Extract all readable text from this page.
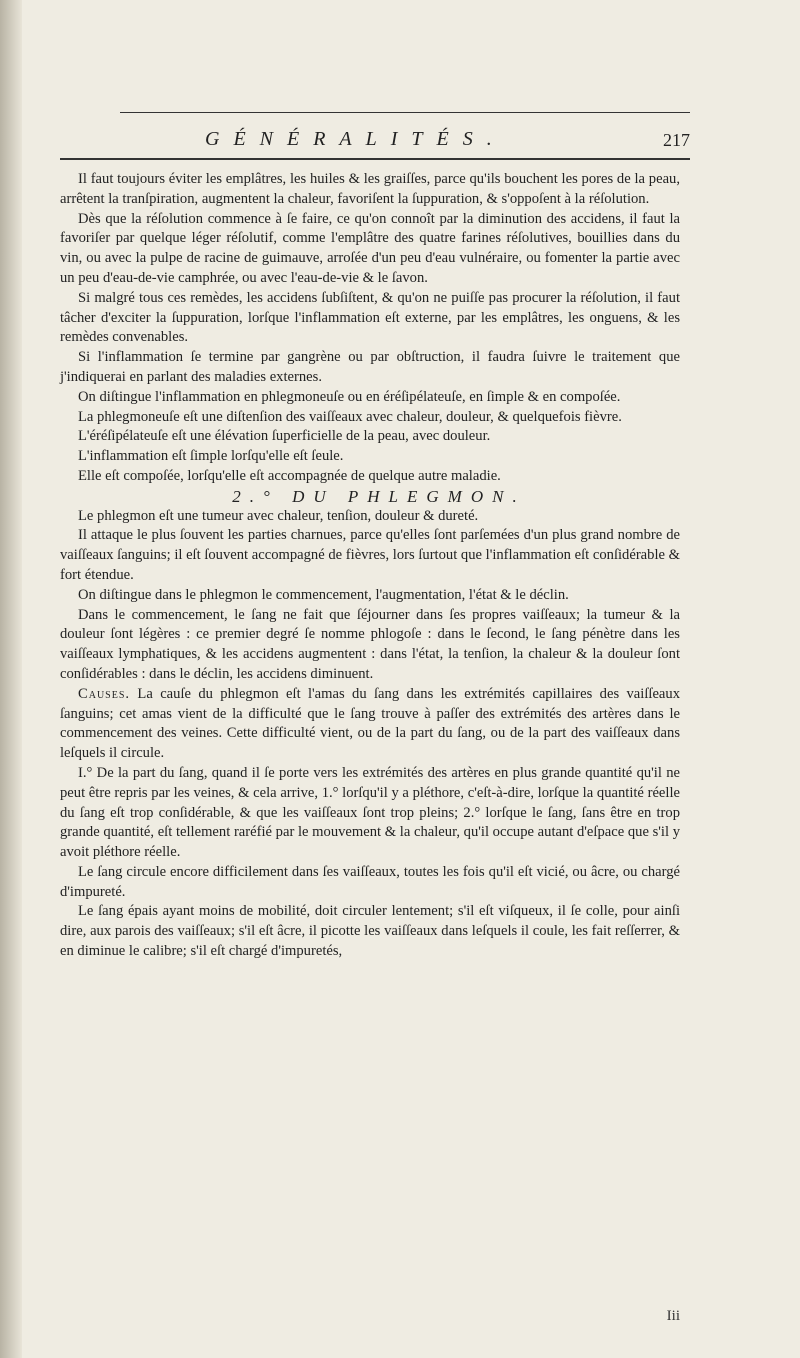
GÉNÉRALITÉS.	217

Il faut toujours éviter les emplâtres, les huiles & les graiſſes, parce qu'ils bouchent les pores de la peau, arrêtent la tranſpiration, augmentent la chaleur, favoriſent la ſuppuration, & s'oppoſent à la réſolution.

Dès que la réſolution commence à ſe faire, ce qu'on connoît par la diminution des accidens, il faut la favoriſer par quelque léger réſolutif, comme l'emplâtre des quatre farines réſolutives, bouillies dans du vin, ou avec la pulpe de racine de guimauve, arroſée d'un peu d'eau vulnéraire, ou fomenter la partie avec un peu d'eau-de-vie camphrée, ou avec l'eau-de-vie & le ſavon.

Si malgré tous ces remèdes, les accidens ſubſiſtent, & qu'on ne puiſſe pas procurer la réſolution, il faut tâcher d'exciter la ſuppuration, lorſque l'inflammation eſt externe, par les emplâtres, les onguens, & les remèdes convenables.

Si l'inflammation ſe termine par gangrène ou par obſtruction, il faudra ſuivre le traitement que j'indiquerai en parlant des maladies externes.

On diſtingue l'inflammation en phlegmoneuſe ou en éréſipélateuſe, en ſimple & en compoſée.

La phlegmoneuſe eſt une diſtenſion des vaiſſeaux avec chaleur, douleur, & quelquefois fièvre.

L'éréſipélateuſe eſt une élévation ſuperficielle de la peau, avec douleur.

L'inflammation eſt ſimple lorſqu'elle eſt ſeule.

Elle eſt compoſée, lorſqu'elle eſt accompagnée de quelque autre maladie.

2.° DU PHLEGMON.

Le phlegmon eſt une tumeur avec chaleur, tenſion, douleur & dureté.

Il attaque le plus ſouvent les parties charnues, parce qu'elles ſont parſemées d'un plus grand nombre de vaiſſeaux ſanguins; il eſt ſouvent accompagné de fièvres, lors ſurtout que l'inflammation eſt conſidérable & fort étendue.

On diſtingue dans le phlegmon le commencement, l'augmentation, l'état & le déclin.

Dans le commencement, le ſang ne fait que ſéjourner dans ſes propres vaiſſeaux; la tumeur & la douleur ſont légères : ce premier degré ſe nomme phlogoſe : dans le ſecond, le ſang pénètre dans les vaiſſeaux lymphatiques, & les accidens augmentent : dans l'état, la tenſion, la chaleur & la douleur ſont conſidérables : dans le déclin, les accidens diminuent.

Causes. La cauſe du phlegmon eſt l'amas du ſang dans les extrémités capillaires des vaiſſeaux ſanguins; cet amas vient de la difficulté que le ſang trouve à paſſer des extrémités des artères dans le commencement des veines. Cette difficulté vient, ou de la part du ſang, ou de la part des vaiſſeaux dans leſquels il circule.

I.° De la part du ſang, quand il ſe porte vers les extrémités des artères en plus grande quantité qu'il ne peut être repris par les veines, & cela arrive, 1.° lorſqu'il y a pléthore, c'eſt-à-dire, lorſque la quantité réelle du ſang eſt trop conſidérable, & que les vaiſſeaux ſont trop pleins; 2.° lorſque le ſang, ſans être en trop grande quantité, eſt tellement raréfié par le mouvement & la chaleur, qu'il occupe autant d'eſpace que s'il y avoit pléthore réelle.

Le ſang circule encore difficilement dans ſes vaiſſeaux, toutes les fois qu'il eſt vicié, ou âcre, ou chargé d'impureté.

Le ſang épais ayant moins de mobilité, doit circuler lentement; s'il eſt viſqueux, il ſe colle, pour ainſi dire, aux parois des vaiſſeaux; s'il eſt âcre, il picotte les vaiſſeaux dans leſquels il coule, les fait reſſerrer, & en diminue le calibre; s'il eſt chargé d'impuretés,

Iii
